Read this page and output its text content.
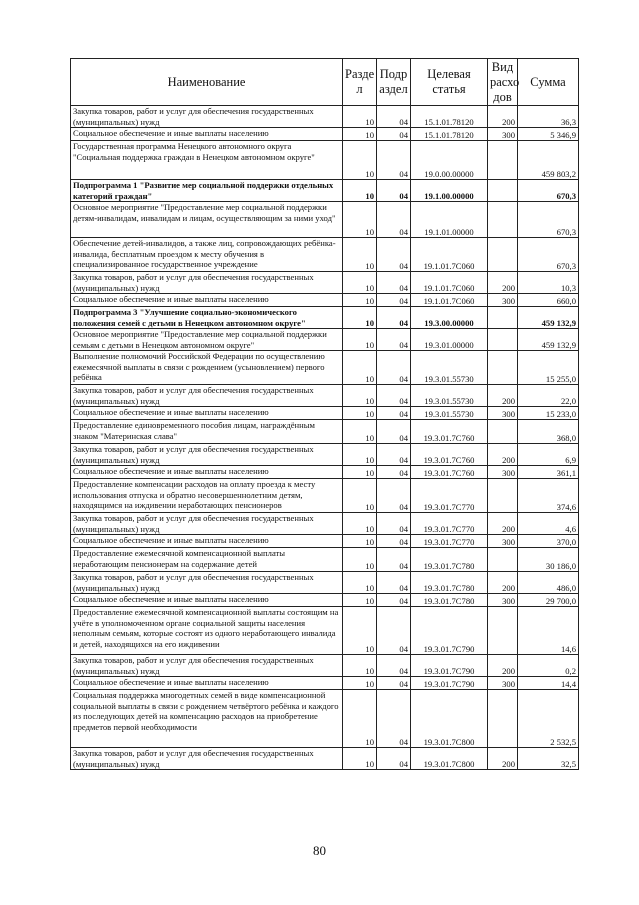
Наименование	Разде л	Подр аздел	Целевая статья	Вид расхо дов	Сумма
Закупка товаров, работ и услуг для обеспечения государственных (муниципальных) нужд	10	04	15.1.01.78120	200	36,3
Социальное обеспечение и иные выплаты населению	10	04	15.1.01.78120	300	5 346,9
Государственная программа Ненецкого автономного округа "Социальная поддержка граждан в Ненецком автономном округе"	10	04	19.0.00.00000		459 803,2
Подпрограмма 1 "Развитие мер социальной поддержки отдельных категорий граждан"	10	04	19.1.00.00000		670,3
Основное мероприятие "Предоставление мер социальной поддержки детям-инвалидам, инвалидам и лицам, осуществляющим за ними уход"	10	04	19.1.01.00000		670,3
Обеспечение детей-инвалидов, а также лиц, сопровождающих ребёнка-инвалида, бесплатным проездом к месту обучения в специализированное государственное учреждение	10	04	19.1.01.7С060		670,3
Закупка товаров, работ и услуг для обеспечения государственных (муниципальных) нужд	10	04	19.1.01.7С060	200	10,3
Социальное обеспечение и иные выплаты населению	10	04	19.1.01.7С060	300	660,0
Подпрограмма 3 "Улучшение социально-экономического положения семей с детьми в Ненецком автономном округе"	10	04	19.3.00.00000		459 132,9
Основное мероприятие "Предоставление мер социальной поддержки семьям с детьми в Ненецком автономном округе"	10	04	19.3.01.00000		459 132,9
Выполнение полномочий Российской Федерации по осуществлению ежемесячной выплаты в связи с рождением (усыновлением) первого ребёнка	10	04	19.3.01.55730		15 255,0
Закупка товаров, работ и услуг для обеспечения государственных (муниципальных) нужд	10	04	19.3.01.55730	200	22,0
Социальное обеспечение и иные выплаты населению	10	04	19.3.01.55730	300	15 233,0
Предоставление единовременного пособия лицам, награждённым знаком "Материнская слава"	10	04	19.3.01.7С760		368,0
Закупка товаров, работ и услуг для обеспечения государственных (муниципальных) нужд	10	04	19.3.01.7С760	200	6,9
Социальное обеспечение и иные выплаты населению	10	04	19.3.01.7С760	300	361,1
Предоставление компенсации расходов на оплату проезда к месту использования отпуска и обратно несовершеннолетним детям, находящимся на иждивении неработающих пенсионеров	10	04	19.3.01.7С770		374,6
Закупка товаров, работ и услуг для обеспечения государственных (муниципальных) нужд	10	04	19.3.01.7С770	200	4,6
Социальное обеспечение и иные выплаты населению	10	04	19.3.01.7С770	300	370,0
Предоставление ежемесячной компенсационной выплаты неработающим пенсионерам на содержание детей	10	04	19.3.01.7С780		30 186,0
Закупка товаров, работ и услуг для обеспечения государственных (муниципальных) нужд	10	04	19.3.01.7С780	200	486,0
Социальное обеспечение и иные выплаты населению	10	04	19.3.01.7С780	300	29 700,0
Предоставление ежемесячной компенсационной выплаты состоящим на учёте в уполномоченном органе социальной защиты населения неполным семьям, которые состоят из одного неработающего инвалида и детей, находящихся на его иждивении	10	04	19.3.01.7С790		14,6
Закупка товаров, работ и услуг для обеспечения государственных (муниципальных) нужд	10	04	19.3.01.7С790	200	0,2
Социальное обеспечение и иные выплаты населению	10	04	19.3.01.7С790	300	14,4
Социальная поддержка многодетных семей в виде компенсационной социальной выплаты в связи с рождением четвёртого ребёнка и каждого из последующих детей на компенсацию расходов на приобретение предметов первой необходимости	10	04	19.3.01.7С800		2 532,5
Закупка товаров, работ и услуг для обеспечения государственных (муниципальных) нужд	10	04	19.3.01.7С800	200	32,5
80
